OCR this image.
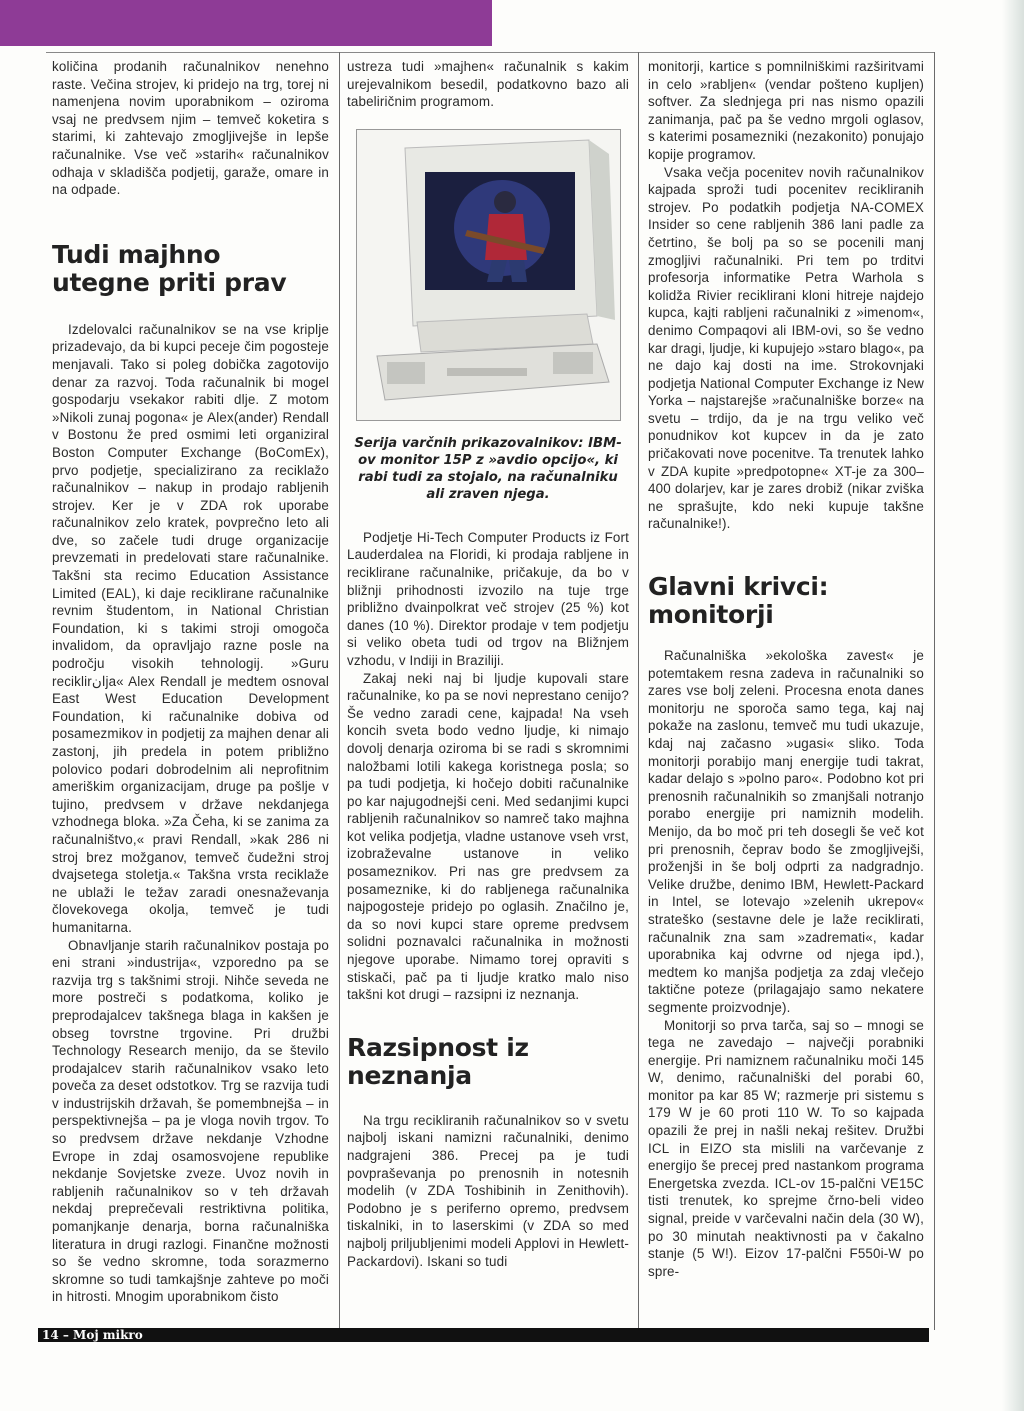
količina prodanih računalnikov nenehno raste. Večina strojev, ki pridejo na trg, torej ni namenjena novim uporabnikom – oziroma vsaj ne predvsem njim – temveč koketira s starimi, ki zahtevajo zmogljivejše in lepše računalnike. Vse več »starih« računalnikov odhaja v skladišča podjetij, garaže, omare in na odpade.

Tudi majhno utegne priti prav

Izdelovalci računalnikov se na vse kriplje prizadevajo, da bi kupci peceje čim pogosteje menjavali. Tako si poleg dobička zagotovijo denar za razvoj. Toda računalnik bi mogel gospodarju vsekakor rabiti dlje. Z motom »Nikoli zunaj pogona« je Alex(ander) Rendall v Bostonu že pred osmimi leti organiziral Boston Computer Exchange (BoComEx), prvo podjetje, specializirano za reciklažo računalnikov – nakup in prodajo rabljenih strojev. Ker je v ZDA rok uporabe računalnikov zelo kratek, povprečno leto ali dve, so začele tudi druge organizacije prevzemati in predelovati stare računalnike. Takšni sta recimo Education Assistance Limited (EAL), ki daje reciklirane računalnike revnim študentom, in National Christian Foundation, ki s takimi stroji omogoča invalidom, da opravljajo razne posle na področju visokih tehnologij. »Guru reciklirانja« Alex Rendall je medtem osnoval East West Education Development Foundation, ki računalnike dobiva od posamezmikov in podjetij za majhen denar ali zastonj, jih predela in potem približno polovico podari dobrodelnim ali neprofitnim ameriškim organizacijam, druge pa pošlje v tujino, predvsem v države nekdanjega vzhodnega bloka. »Za Čeha, ki se zanima za računalništvo,« pravi Rendall, »kak 286 ni stroj brez možganov, temveč čudežni stroj dvajsetega stoletja.« Takšna vrsta reciklaže ne ublaži le težav zaradi onesnaževanja človekovega okolja, temveč je tudi humanitarna.

Obnavljanje starih računalnikov postaja po eni strani »industrija«, vzporedno pa se razvija trg s takšnimi stroji. Nihče seveda ne more postreči s podatkoma, koliko je preprodajalcev takšnega blaga in kakšen je obseg tovrstne trgovine. Pri družbi Technology Research menijo, da se število prodajalcev starih računalnikov vsako leto poveča za deset odstotkov. Trg se razvija tudi v industrijskih državah, še pomembnejša – in perspektivnejša – pa je vloga novih trgov. To so predvsem države nekdanje Vzhodne Evrope in zdaj osamosvojene republike nekdanje Sovjetske zveze. Uvoz novih in rabljenih računalnikov so v teh državah nekdaj preprečevali restriktivna politika, pomanjkanje denarja, borna računalniška literatura in drugi razlogi. Finančne možnosti so še vedno skromne, toda sorazmerno skromne so tudi tamkajšnje zahteve po moči in hitrosti. Mnogim uporabnikom čisto

ustreza tudi »majhen« računalnik s kakim urejevalnikom besedil, podatkovno bazo ali tabeliričnim programom.

Serija varčnih prikazovalnikov: IBM-ov monitor 15P z »avdio opcijo«, ki rabi tudi za stojalo, na računalniku ali zraven njega.

Podjetje Hi-Tech Computer Products iz Fort Lauderdalea na Floridi, ki prodaja rabljene in reciklirane računalnike, pričakuje, da bo v bližnji prihodnosti izvozilo na tuje trge približno dvainpolkrat več strojev (25 %) kot danes (10 %). Direktor prodaje v tem podjetju si veliko obeta tudi od trgov na Bližnjem vzhodu, v Indiji in Braziliji.

Zakaj neki naj bi ljudje kupovali stare računalnike, ko pa se novi neprestano cenijo? Še vedno zaradi cene, kajpada! Na vseh koncih sveta bodo vedno ljudje, ki nimajo dovolj denarja oziroma bi se radi s skromnimi naložbami lotili kakega koristnega posla; so pa tudi podjetja, ki hočejo dobiti računalnike po kar najugodnejši ceni. Med sedanjimi kupci rabljenih računalnikov so namreč tako majhna kot velika podjetja, vladne ustanove vseh vrst, izobraževalne ustanove in veliko posameznikov. Pri nas gre predvsem za posameznike, ki do rabljenega računalnika najpogosteje pridejo po oglasih. Značilno je, da so novi kupci stare opreme predvsem solidni poznavalci računalnika in možnosti njegove uporabe. Nimamo torej opraviti s stiskači, pač pa ti ljudje kratko malo niso takšni kot drugi – razsipni iz neznanja.

Razsipnost iz neznanja

Na trgu recikliranih računalnikov so v svetu najbolj iskani namizni računalniki, denimo nadgrajeni 386. Precej pa je tudi povpraševanja po prenosnih in notesnih modelih (v ZDA Toshibinih in Zenithovih). Podobno je s periferno opremo, predvsem tiskalniki, in to laserskimi (v ZDA so med najbolj priljubljenimi modeli Applovi in Hewlett- Packardovi). Iskani so tudi

monitorji, kartice s pomnilniškimi razširitvami in celo »rabljen« (vendar pošteno kupljen) softver. Za slednjega pri nas nismo opazili zanimanja, pač pa še vedno mrgoli oglasov, s katerimi posamezniki (nezakonito) ponujajo kopije programov.

Vsaka večja pocenitev novih računalnikov kajpada sproži tudi pocenitev recikliranih strojev. Po podatkih podjetja NA-COMEX Insider so cene rabljenih 386 lani padle za četrtino, še bolj pa so se pocenili manj zmogljivi računalniki. Pri tem po trditvi profesorja informatike Petra Warhola s kolidža Rivier reciklirani kloni hitreje najdejo kupca, kajti rabljeni računalniki z »imenom«, denimo Compaqovi ali IBM-ovi, so še vedno kar dragi, ljudje, ki kupujejo »staro blago«, pa ne dajo kaj dosti na ime. Strokovnjaki podjetja National Computer Exchange iz New Yorka – najstarejše »računalniške borze« na svetu – trdijo, da je na trgu veliko več ponudnikov kot kupcev in da je zato pričakovati nove pocenitve. Ta trenutek lahko v ZDA kupite »predpotopne« XT-je za 300–400 dolarjev, kar je zares drobiž (nikar zviška ne sprašujte, kdo neki kupuje takšne računalnike!).

Glavni krivci: monitorji

Računalniška »ekološka zavest« je potemtakem resna zadeva in računalniki so zares vse bolj zeleni. Procesna enota danes monitorju ne sporoča samo tega, kaj naj pokaže na zaslonu, temveč mu tudi ukazuje, kdaj naj začasno »ugasi« sliko. Toda monitorji porabijo manj energije tudi takrat, kadar delajo s »polno paro«. Podobno kot pri prenosnih računalnikih so zmanjšali notranjo porabo energije pri namiznih modelih. Menijo, da bo moč pri teh dosegli še več kot pri prenosnih, čeprav bodo še zmogljivejši, proženjši in še bolj odprti za nadgradnjo. Velike družbe, denimo IBM, Hewlett-Packard in Intel, se lotevajo »zelenih ukrepov« strateško (sestavne dele je laže reciklirati, računalnik zna sam »zadremati«, kadar uporabnika kaj odvrne od njega ipd.), medtem ko manjša podjetja za zdaj vlečejo taktične poteze (prilagajajo samo nekatere segmente proizvodnje).

Monitorji so prva tarča, saj so – mnogi se tega ne zavedajo – največji porabniki energije. Pri namiznem računalniku moči 145 W, denimo, računalniški del porabi 60, monitor pa kar 85 W; razmerje pri sistemu s 179 W je 60 proti 110 W. To so kajpada opazili že prej in našli nekaj rešitev. Družbi ICL in EIZO sta mislili na varčevanje z energijo še precej pred nastankom programa Energetska zvezda. ICL-ov 15-palčni VE15C tisti trenutek, ko sprejme črno-beli video signal, preide v varčevalni način dela (30 W), po 30 minutah neaktivnosti pa v čakalno stanje (5 W!). Eizov 17-palčni F550i-W po spre-

14 – Moj mikro
